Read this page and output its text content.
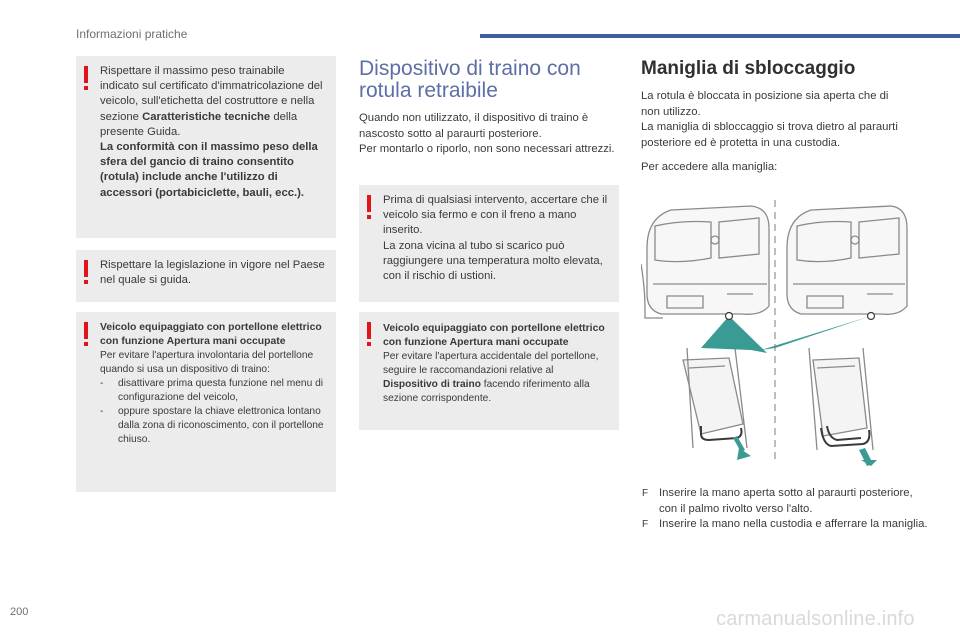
Informazioni pratiche

Rispettare il massimo peso trainabile indicato sul certificato d'immatricolazione del veicolo, sull'etichetta del costruttore e nella sezione Caratteristiche tecniche della presente Guida.

La conformità con il massimo peso della sfera del gancio di traino consentito (rotula) include anche l'utilizzo di accessori (portabiciclette, bauli, ecc.).

Rispettare la legislazione in vigore nel Paese nel quale si guida.

Veicolo equipaggiato con portellone elettrico con funzione Apertura mani occupate

Per evitare l'apertura involontaria del portellone quando si usa un dispositivo di traino:

- disattivare prima questa funzione nel menu di configurazione del veicolo,

- oppure spostare la chiave elettronica lontano dalla zona di riconoscimento, con il portellone chiuso.

Dispositivo di traino con rotula retraibile

Quando non utilizzato, il dispositivo di traino è nascosto sotto al paraurti posteriore.

Per montarlo o riporlo, non sono necessari attrezzi.

Prima di qualsiasi intervento, accertare che il veicolo sia fermo e con il freno a mano inserito.

La zona vicina al tubo si scarico può raggiungere una temperatura molto elevata, con il rischio di ustioni.

Veicolo equipaggiato con portellone elettrico con funzione Apertura mani occupate

Per evitare l'apertura accidentale del portellone, seguire le raccomandazioni relative al Dispositivo di traino facendo riferimento alla sezione corrispondente.

Maniglia di sbloccaggio

La rotula è bloccata in posizione sia aperta che di non utilizzo.

La maniglia di sbloccaggio si trova dietro al paraurti posteriore ed è protetta in una custodia.

Per accedere alla maniglia:

F Inserire la mano aperta sotto al paraurti posteriore, con il palmo rivolto verso l'alto.
F Inserire la mano nella custodia e afferrare la maniglia.
200	carmanualsonline.info
